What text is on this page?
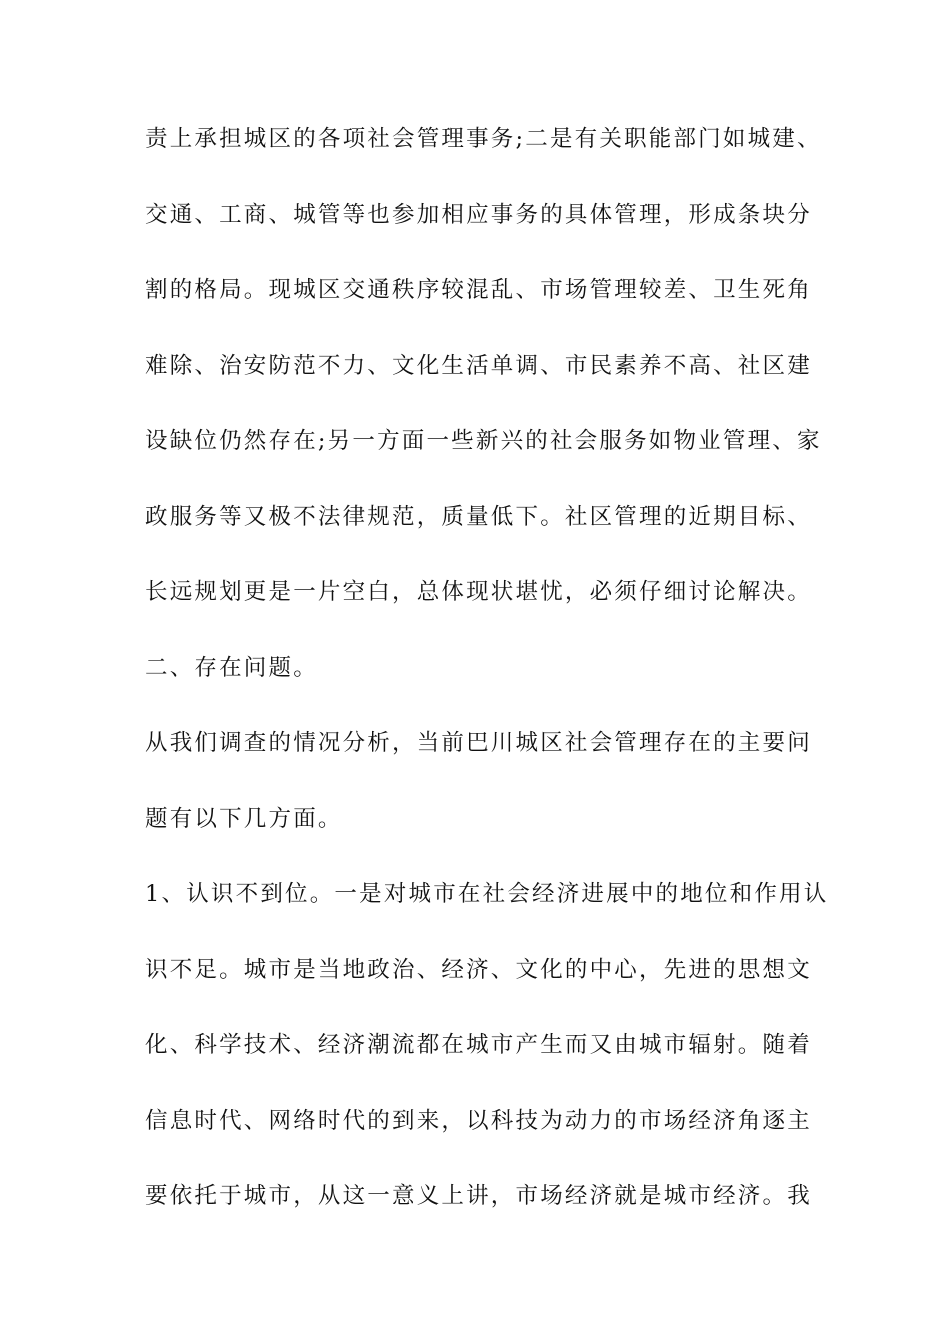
责上承担城区的各项社会管理事务;二是有关职能部门如城建、
交通、工商、城管等也参加相应事务的具体管理，形成条块分
割的格局。现城区交通秩序较混乱、市场管理较差、卫生死角
难除、治安防范不力、文化生活单调、市民素养不高、社区建
设缺位仍然存在;另一方面一些新兴的社会服务如物业管理、家
政服务等又极不法律规范，质量低下。社区管理的近期目标、
长远规划更是一片空白，总体现状堪忧，必须仔细讨论解决。
二、存在问题。
从我们调查的情况分析，当前巴川城区社会管理存在的主要问
题有以下几方面。
1、认识不到位。一是对城市在社会经济进展中的地位和作用认
识不足。城市是当地政治、经济、文化的中心，先进的思想文
化、科学技术、经济潮流都在城市产生而又由城市辐射。随着
信息时代、网络时代的到来，以科技为动力的市场经济角逐主
要依托于城市，从这一意义上讲，市场经济就是城市经济。我
